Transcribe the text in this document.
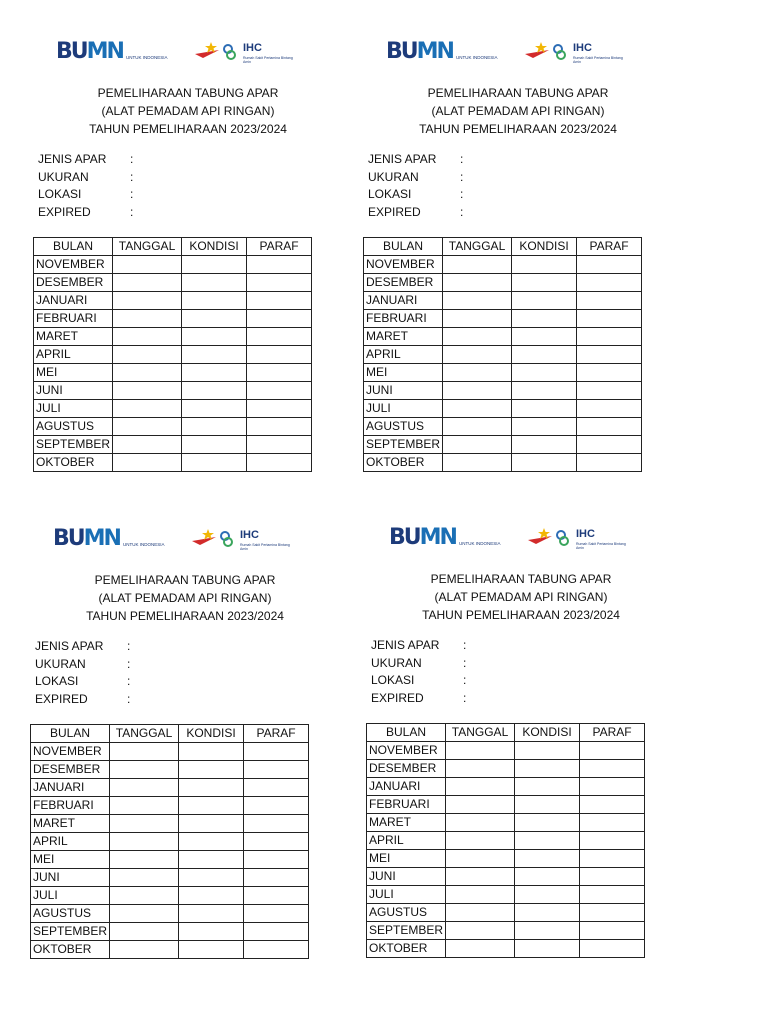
BUMN UNTUK INDONESIA
IHC
Rumah Sakit Pertamina Bintang Amin
PEMELIHARAAN TABUNG APAR
(ALAT PEMADAM API RINGAN)
TAHUN PEMELIHARAAN 2023/2024
JENIS APAR	:
UKURAN	:
LOKASI	:
EXPIRED	:
BULAN	TANGGAL	KONDISI	PARAF
NOVEMBER			
DESEMBER			
JANUARI			
FEBRUARI			
MARET			
APRIL			
MEI			
JUNI			
JULI			
AGUSTUS			
SEPTEMBER			
OKTOBER			
BUMN UNTUK INDONESIA
IHC
Rumah Sakit Pertamina Bintang Amin
PEMELIHARAAN TABUNG APAR
(ALAT PEMADAM API RINGAN)
TAHUN PEMELIHARAAN 2023/2024
JENIS APAR	:
UKURAN	:
LOKASI	:
EXPIRED	:
BULAN	TANGGAL	KONDISI	PARAF
NOVEMBER			
DESEMBER			
JANUARI			
FEBRUARI			
MARET			
APRIL			
MEI			
JUNI			
JULI			
AGUSTUS			
SEPTEMBER			
OKTOBER			
BUMN UNTUK INDONESIA
IHC
Rumah Sakit Pertamina Bintang Amin
PEMELIHARAAN TABUNG APAR
(ALAT PEMADAM API RINGAN)
TAHUN PEMELIHARAAN 2023/2024
JENIS APAR	:
UKURAN	:
LOKASI	:
EXPIRED	:
BULAN	TANGGAL	KONDISI	PARAF
NOVEMBER			
DESEMBER			
JANUARI			
FEBRUARI			
MARET			
APRIL			
MEI			
JUNI			
JULI			
AGUSTUS			
SEPTEMBER			
OKTOBER			
BUMN UNTUK INDONESIA
IHC
Rumah Sakit Pertamina Bintang Amin
PEMELIHARAAN TABUNG APAR
(ALAT PEMADAM API RINGAN)
TAHUN PEMELIHARAAN 2023/2024
JENIS APAR	:
UKURAN	:
LOKASI	:
EXPIRED	:
BULAN	TANGGAL	KONDISI	PARAF
NOVEMBER			
DESEMBER			
JANUARI			
FEBRUARI			
MARET			
APRIL			
MEI			
JUNI			
JULI			
AGUSTUS			
SEPTEMBER			
OKTOBER			
